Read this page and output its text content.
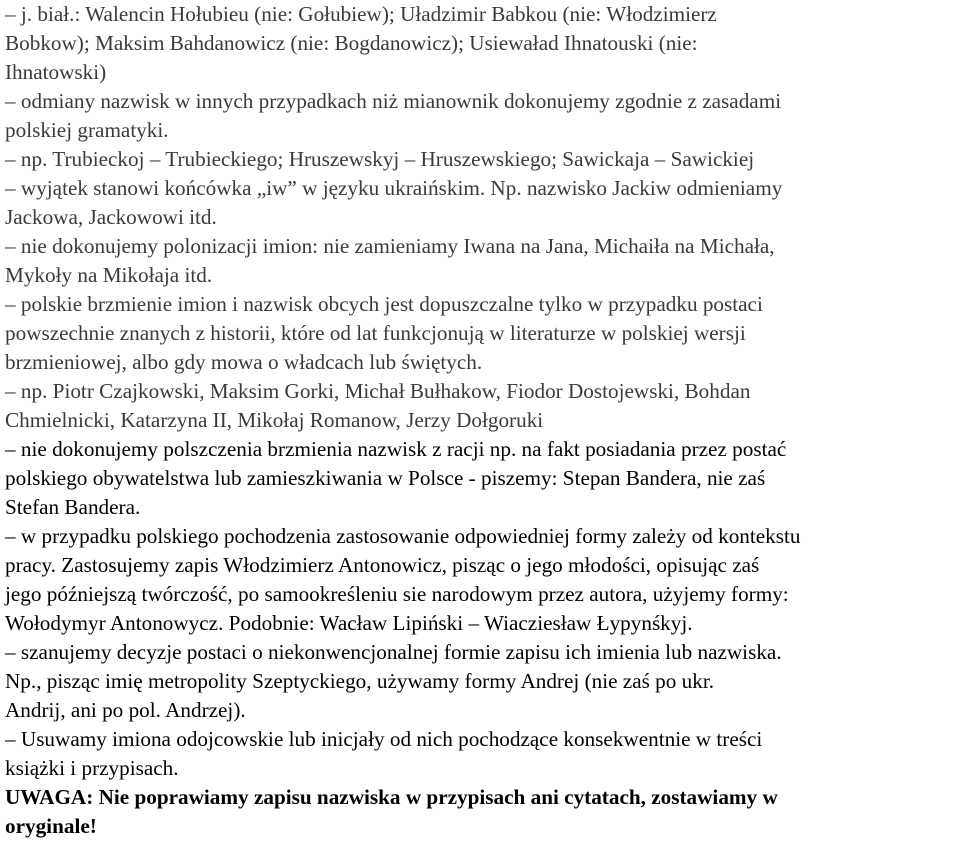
– j. biał.: Walencin Hołubieu (nie: Gołubiew); Uładzimir Babkou (nie: Włodzimierz
Bobkow); Maksim Bahdanowicz (nie: Bogdanowicz); Usiewaład Ihnatouski (nie:
Ihnatowski)
– odmiany nazwisk w innych przypadkach niż mianownik dokonujemy zgodnie z zasadami
polskiej gramatyki.
– np. Trubieckoj – Trubieckiego; Hruszewskyj – Hruszewskiego; Sawickaja – Sawickiej
– wyjątek stanowi końcówka „iw” w języku ukraińskim. Np. nazwisko Jackiw odmieniamy
Jackowa, Jackowowi itd.
– nie dokonujemy polonizacji imion: nie zamieniamy Iwana na Jana, Michaiła na Michała,
Mykoły na Mikołaja itd.
– polskie brzmienie imion i nazwisk obcych jest dopuszczalne tylko w przypadku postaci
powszechnie znanych z historii, które od lat funkcjonują w literaturze w polskiej wersji
brzmieniowej, albo gdy mowa o władcach lub świętych.
– np. Piotr Czajkowski, Maksim Gorki, Michał Bułhakow, Fiodor Dostojewski, Bohdan
Chmielnicki, Katarzyna II, Mikołaj Romanow, Jerzy Dołgoruki
– nie dokonujemy polszczenia brzmienia nazwisk z racji np. na fakt posiadania przez postać
polskiego obywatelstwa lub zamieszkiwania w Polsce - piszemy: Stepan Bandera, nie zaś
Stefan Bandera.
– w przypadku polskiego pochodzenia zastosowanie odpowiedniej formy zależy od kontekstu
pracy. Zastosujemy zapis Włodzimierz Antonowicz, pisząc o jego młodości, opisując zaś
jego późniejszą twórczość, po samookreśleniu sie narodowym przez autora, użyjemy formy:
Wołodymyr Antonowycz. Podobnie: Wacław Lipiński – Wiacziesław Łypynśkyj.
– szanujemy decyzje postaci o niekonwencjonalnej formie zapisu ich imienia lub nazwiska.
Np., pisząc imię metropolity Szeptyckiego, używamy formy Andrej (nie zaś po ukr.
Andrij, ani po pol. Andrzej).
– Usuwamy imiona odojcowskie lub inicjały od nich pochodzące konsekwentnie w treści
książki i przypisach.
UWAGA: Nie poprawiamy zapisu nazwiska w przypisach ani cytatach, zostawiamy w
oryginale!
